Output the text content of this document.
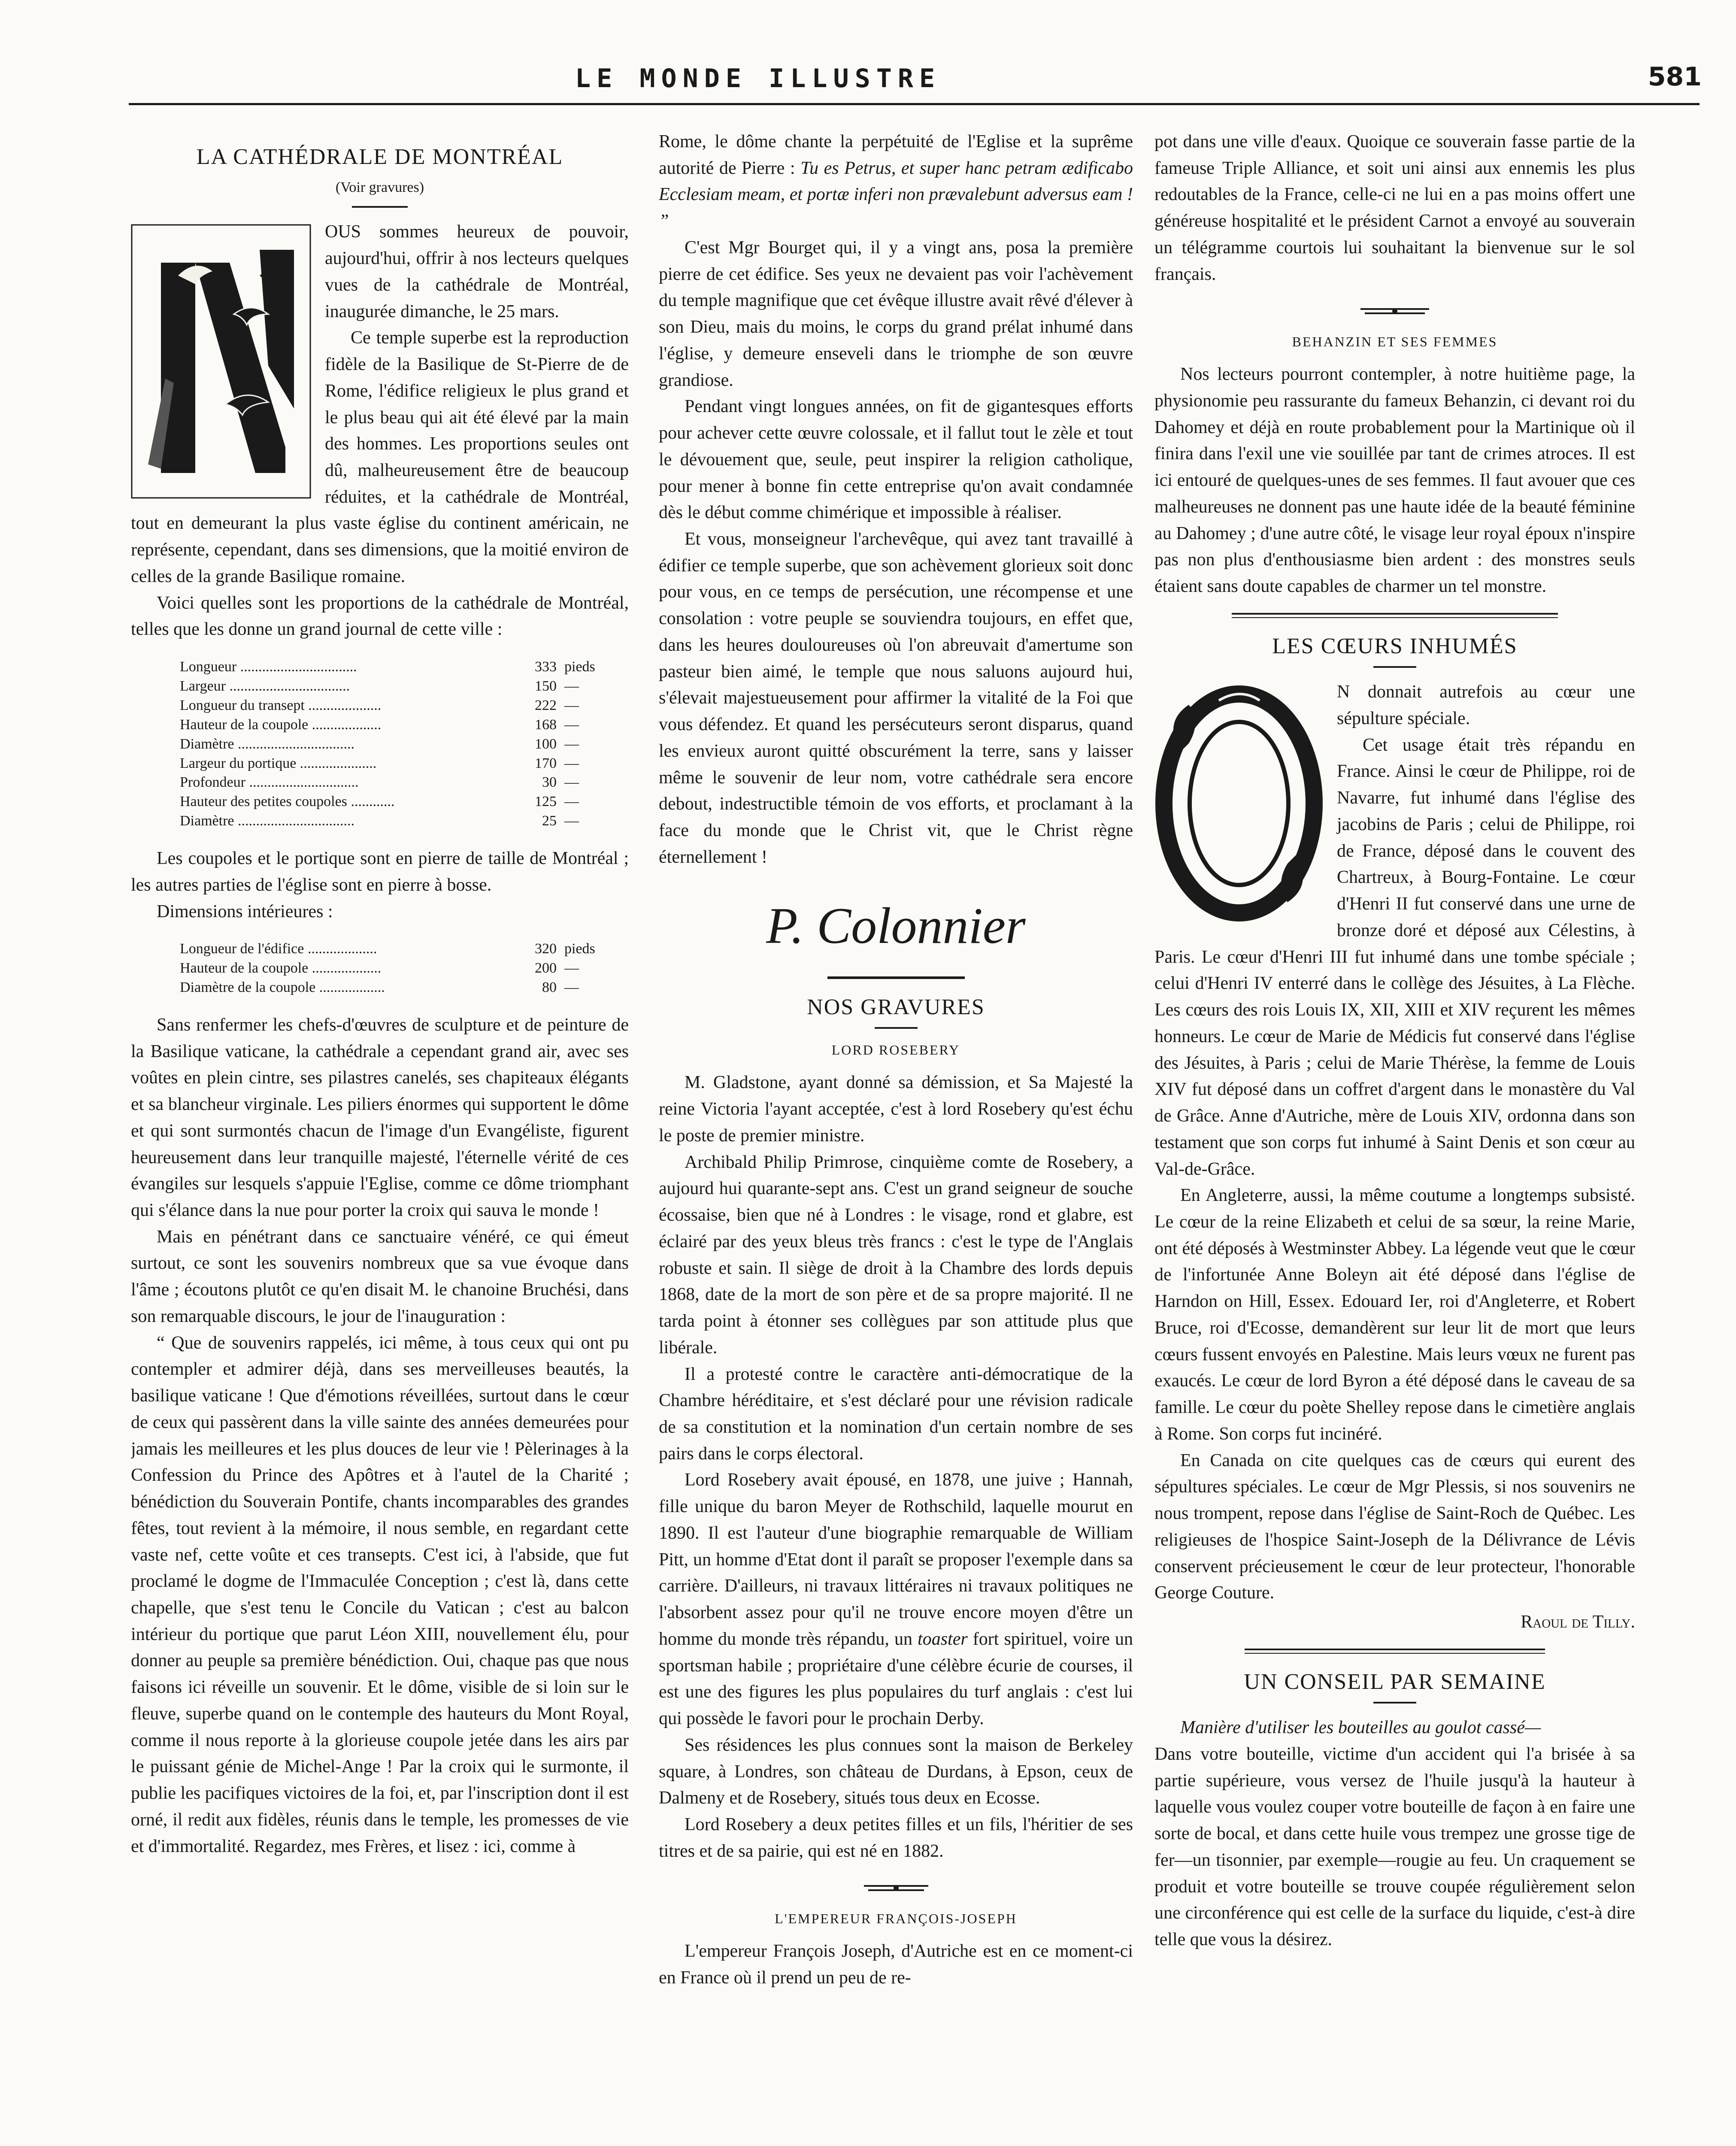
LE MONDE ILLUSTRE	581
LA CATHÉDRALE DE MONTRÉAL
(Voir gravures)

OUS sommes heureux de pouvoir, aujourd'hui, offrir à nos lecteurs quelques vues de la cathédrale de Montréal, inaugurée dimanche, le 25 mars.

Ce temple superbe est la reproduction fidèle de la Basilique de St-Pierre de de Rome, l'édifice religieux le plus grand et le plus beau qui ait été élevé par la main des hommes. Les proportions seules ont dû, malheureusement être de beaucoup réduites, et la cathédrale de Montréal, tout en demeurant la plus vaste église du continent américain, ne représente, cependant, dans ses dimensions, que la moitié environ de celles de la grande Basilique romaine.

Voici quelles sont les proportions de la cathédrale de Montréal, telles que les donne un grand journal de cette ville :

Longueur ................................	333	pieds
Largeur .................................	150	—
Longueur du transept ....................	222	—
Hauteur de la coupole ...................	168	—
Diamètre ................................	100	—
Largeur du portique .....................	170	—
Profondeur ..............................	30	—
Hauteur des petites coupoles ............	125	—
Diamètre ................................	25	—

Les coupoles et le portique sont en pierre de taille de Montréal ; les autres parties de l'église sont en pierre à bosse.

Dimensions intérieures :

Longueur de l'édifice ...................	320	pieds
Hauteur de la coupole ...................	200	—
Diamètre de la coupole ..................	80	—

Sans renfermer les chefs-d'œuvres de sculpture et de peinture de la Basilique vaticane, la cathédrale a cependant grand air, avec ses voûtes en plein cintre, ses pilastres canelés, ses chapiteaux élégants et sa blancheur virginale. Les piliers énormes qui supportent le dôme et qui sont surmontés chacun de l'image d'un Evangéliste, figurent heureusement dans leur tranquille majesté, l'éternelle vérité de ces évangiles sur lesquels s'appuie l'Eglise, comme ce dôme triomphant qui s'élance dans la nue pour porter la croix qui sauva le monde !

Mais en pénétrant dans ce sanctuaire vénéré, ce qui émeut surtout, ce sont les souvenirs nombreux que sa vue évoque dans l'âme ; écoutons plutôt ce qu'en disait M. le chanoine Bruchési, dans son remarquable discours, le jour de l'inauguration :

“ Que de souvenirs rappelés, ici même, à tous ceux qui ont pu contempler et admirer déjà, dans ses merveilleuses beautés, la basilique vaticane ! Que d'émotions réveillées, surtout dans le cœur de ceux qui passèrent dans la ville sainte des années demeurées pour jamais les meilleures et les plus douces de leur vie ! Pèlerinages à la Confession du Prince des Apôtres et à l'autel de la Charité ; bénédiction du Souverain Pontife, chants incomparables des grandes fêtes, tout revient à la mémoire, il nous semble, en regardant cette vaste nef, cette voûte et ces transepts. C'est ici, à l'abside, que fut proclamé le dogme de l'Immaculée Conception ; c'est là, dans cette chapelle, que s'est tenu le Concile du Vatican ; c'est au balcon intérieur du portique que parut Léon XIII, nouvellement élu, pour donner au peuple sa première bénédiction. Oui, chaque pas que nous faisons ici réveille un souvenir. Et le dôme, visible de si loin sur le fleuve, superbe quand on le contemple des hauteurs du Mont Royal, comme il nous reporte à la glorieuse coupole jetée dans les airs par le puissant génie de Michel-Ange ! Par la croix qui le surmonte, il publie les pacifiques victoires de la foi, et, par l'inscription dont il est orné, il redit aux fidèles, réunis dans le temple, les promesses de vie et d'immortalité. Regardez, mes Frères, et lisez : ici, comme à

Rome, le dôme chante la perpétuité de l'Eglise et la suprême autorité de Pierre : Tu es Petrus, et super hanc petram ædificabo Ecclesiam meam, et portæ inferi non prævalebunt adversus eam ! ”

C'est Mgr Bourget qui, il y a vingt ans, posa la première pierre de cet édifice. Ses yeux ne devaient pas voir l'achèvement du temple magnifique que cet évêque illustre avait rêvé d'élever à son Dieu, mais du moins, le corps du grand prélat inhumé dans l'église, y demeure enseveli dans le triomphe de son œuvre grandiose.

Pendant vingt longues années, on fit de gigantesques efforts pour achever cette œuvre colossale, et il fallut tout le zèle et tout le dévouement que, seule, peut inspirer la religion catholique, pour mener à bonne fin cette entreprise qu'on avait condamnée dès le début comme chimérique et impossible à réaliser.

Et vous, monseigneur l'archevêque, qui avez tant travaillé à édifier ce temple superbe, que son achèvement glorieux soit donc pour vous, en ce temps de persécution, une récompense et une consolation : votre peuple se souviendra toujours, en effet que, dans les heures douloureuses où l'on abreuvait d'amertume son pasteur bien aimé, le temple que nous saluons aujourd hui, s'élevait majestueusement pour affirmer la vitalité de la Foi que vous défendez. Et quand les persécuteurs seront disparus, quand les envieux auront quitté obscurément la terre, sans y laisser même le souvenir de leur nom, votre cathédrale sera encore debout, indestructible témoin de vos efforts, et proclamant à la face du monde que le Christ vit, que le Christ règne éternellement !

P. Colonnier
NOS GRAVURES
LORD ROSEBERY

M. Gladstone, ayant donné sa démission, et Sa Majesté la reine Victoria l'ayant acceptée, c'est à lord Rosebery qu'est échu le poste de premier ministre.

Archibald Philip Primrose, cinquième comte de Rosebery, a aujourd hui quarante-sept ans. C'est un grand seigneur de souche écossaise, bien que né à Londres : le visage, rond et glabre, est éclairé par des yeux bleus très francs : c'est le type de l'Anglais robuste et sain. Il siège de droit à la Chambre des lords depuis 1868, date de la mort de son père et de sa propre majorité. Il ne tarda point à étonner ses collègues par son attitude plus que libérale.

Il a protesté contre le caractère anti-démocratique de la Chambre héréditaire, et s'est déclaré pour une révision radicale de sa constitution et la nomination d'un certain nombre de ses pairs dans le corps électoral.

Lord Rosebery avait épousé, en 1878, une juive ; Hannah, fille unique du baron Meyer de Rothschild, laquelle mourut en 1890. Il est l'auteur d'une biographie remarquable de William Pitt, un homme d'Etat dont il paraît se proposer l'exemple dans sa carrière. D'ailleurs, ni travaux littéraires ni travaux politiques ne l'absorbent assez pour qu'il ne trouve encore moyen d'être un homme du monde très répandu, un toaster fort spirituel, voire un sportsman habile ; propriétaire d'une célèbre écurie de courses, il est une des figures les plus populaires du turf anglais : c'est lui qui possède le favori pour le prochain Derby.

Ses résidences les plus connues sont la maison de Berkeley square, à Londres, son château de Durdans, à Epson, ceux de Dalmeny et de Rosebery, situés tous deux en Ecosse.

Lord Rosebery a deux petites filles et un fils, l'héritier de ses titres et de sa pairie, qui est né en 1882.

L'EMPEREUR FRANÇOIS-JOSEPH

L'empereur François Joseph, d'Autriche est en ce moment-ci en France où il prend un peu de re-

pot dans une ville d'eaux. Quoique ce souverain fasse partie de la fameuse Triple Alliance, et soit uni ainsi aux ennemis les plus redoutables de la France, celle-ci ne lui en a pas moins offert une généreuse hospitalité et le président Carnot a envoyé au souverain un télégramme courtois lui souhaitant la bienvenue sur le sol français.

BEHANZIN ET SES FEMMES

Nos lecteurs pourront contempler, à notre huitième page, la physionomie peu rassurante du fameux Behanzin, ci devant roi du Dahomey et déjà en route probablement pour la Martinique où il finira dans l'exil une vie souillée par tant de crimes atroces. Il est ici entouré de quelques-unes de ses femmes. Il faut avouer que ces malheureuses ne donnent pas une haute idée de la beauté féminine au Dahomey ; d'une autre côté, le visage leur royal époux n'inspire pas non plus d'enthousiasme bien ardent : des monstres seuls étaient sans doute capables de charmer un tel monstre.

LES CŒURS INHUMÉS

N donnait autrefois au cœur une sépulture spéciale.

Cet usage était très répandu en France. Ainsi le cœur de Philippe, roi de Navarre, fut inhumé dans l'église des jacobins de Paris ; celui de Philippe, roi de France, déposé dans le couvent des Chartreux, à Bourg-Fontaine. Le cœur d'Henri II fut conservé dans une urne de bronze doré et déposé aux Célestins, à Paris. Le cœur d'Henri III fut inhumé dans une tombe spéciale ; celui d'Henri IV enterré dans le collège des Jésuites, à La Flèche. Les cœurs des rois Louis IX, XII, XIII et XIV reçurent les mêmes honneurs. Le cœur de Marie de Médicis fut conservé dans l'église des Jésuites, à Paris ; celui de Marie Thérèse, la femme de Louis XIV fut déposé dans un coffret d'argent dans le monastère du Val de Grâce. Anne d'Autriche, mère de Louis XIV, ordonna dans son testament que son corps fut inhumé à Saint Denis et son cœur au Val-de-Grâce.

En Angleterre, aussi, la même coutume a longtemps subsisté. Le cœur de la reine Elizabeth et celui de sa sœur, la reine Marie, ont été déposés à Westminster Abbey. La légende veut que le cœur de l'infortunée Anne Boleyn ait été déposé dans l'église de Harndon on Hill, Essex. Edouard Ier, roi d'Angleterre, et Robert Bruce, roi d'Ecosse, demandèrent sur leur lit de mort que leurs cœurs fussent envoyés en Palestine. Mais leurs vœux ne furent pas exaucés. Le cœur de lord Byron a été déposé dans le caveau de sa famille. Le cœur du poète Shelley repose dans le cimetière anglais à Rome. Son corps fut incinéré.

En Canada on cite quelques cas de cœurs qui eurent des sépultures spéciales. Le cœur de Mgr Plessis, si nos souvenirs ne nous trompent, repose dans l'église de Saint-Roch de Québec. Les religieuses de l'hospice Saint-Joseph de la Délivrance de Lévis conservent précieusement le cœur de leur protecteur, l'honorable George Couture.

Raoul de Tilly.
UN CONSEIL PAR SEMAINE

Manière d'utiliser les bouteilles au goulot cassé—

Dans votre bouteille, victime d'un accident qui l'a brisée à sa partie supérieure, vous versez de l'huile jusqu'à la hauteur à laquelle vous voulez couper votre bouteille de façon à en faire une sorte de bocal, et dans cette huile vous trempez une grosse tige de fer—un tisonnier, par exemple—rougie au feu. Un craquement se produit et votre bouteille se trouve coupée régulièrement selon une circonférence qui est celle de la surface du liquide, c'est-à dire telle que vous la désirez.
